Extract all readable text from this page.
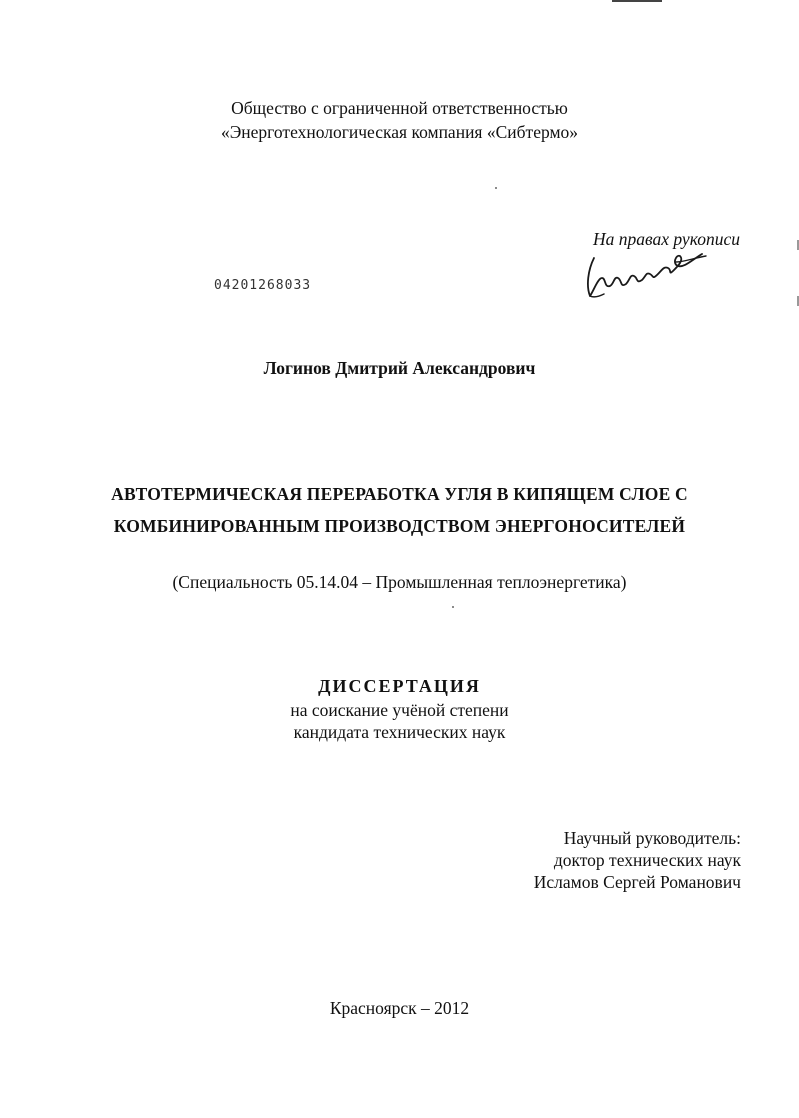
Общество с ограниченной ответственностью
«Энерготехнологическая компания «Сибтермо»
На правах рукописи
04201268033
Логинов Дмитрий Александрович
АВТОТЕРМИЧЕСКАЯ ПЕРЕРАБОТКА УГЛЯ В КИПЯЩЕМ СЛОЕ С
КОМБИНИРОВАННЫМ ПРОИЗВОДСТВОМ ЭНЕРГОНОСИТЕЛЕЙ
(Специальность 05.14.04 – Промышленная теплоэнергетика)
ДИССЕРТАЦИЯ
на соискание учёной степени
кандидата технических наук
Научный руководитель:
доктор технических наук
Исламов Сергей Романович
Красноярск – 2012
